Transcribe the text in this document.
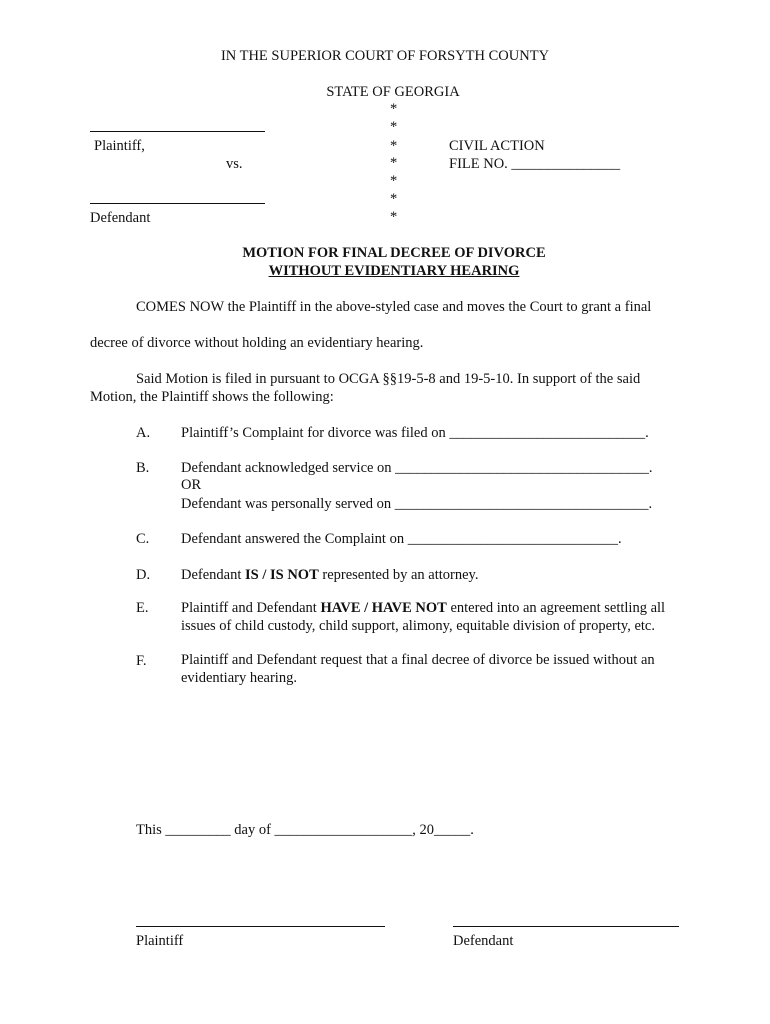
IN THE SUPERIOR COURT OF FORSYTH COUNTY
STATE OF GEORGIA
*
*
*
*
*
*
*
Plaintiff,
vs.
Defendant
CIVIL ACTION
FILE NO. _______________
MOTION FOR FINAL DECREE OF DIVORCE
WITHOUT EVIDENTIARY HEARING
COMES NOW the Plaintiff in the above-styled case and moves the Court to grant a final
decree of divorce without holding an evidentiary hearing.
Said Motion is filed in pursuant to OCGA §§19-5-8 and 19-5-10. In support of the said
Motion, the Plaintiff shows the following:
A. Plaintiff’s Complaint for divorce was filed on ___________________________.
B. Defendant acknowledged service on ___________________________________.
OR
Defendant was personally served on ___________________________________.
C. Defendant answered the Complaint on _____________________________.
D. Defendant IS / IS NOT represented by an attorney.
E. Plaintiff and Defendant HAVE / HAVE NOT entered into an agreement settling all
issues of child custody, child support, alimony, equitable division of property, etc.
F. Plaintiff and Defendant request that a final decree of divorce be issued without an
evidentiary hearing.
This _________ day of ___________________, 20_____.
Plaintiff	Defendant
